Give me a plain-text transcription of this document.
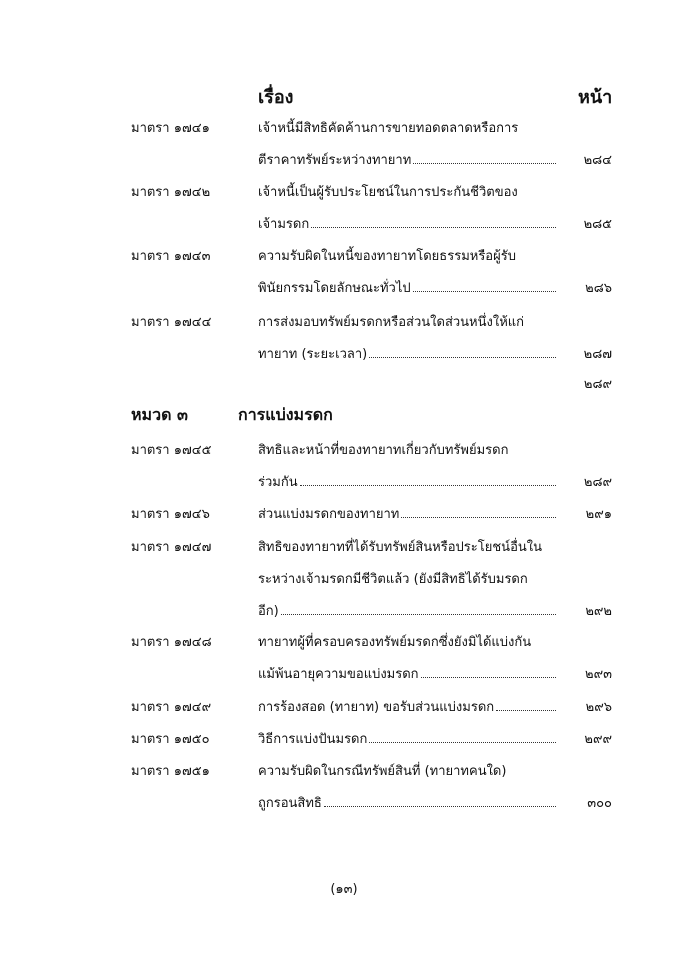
เรื่อง	หน้า
มาตรา ๑๗๔๑	เจ้าหนี้มีสิทธิคัดค้านการขายทอดตลาดหรือการ
ตีราคาทรัพย์ระหว่างทายาท	๒๘๔
มาตรา ๑๗๔๒	เจ้าหนี้เป็นผู้รับประโยชน์ในการประกันชีวิตของ
เจ้ามรดก	๒๘๕
มาตรา ๑๗๔๓	ความรับผิดในหนี้ของทายาทโดยธรรมหรือผู้รับ
พินัยกรรมโดยลักษณะทั่วไป	๒๘๖
มาตรา ๑๗๔๔	การส่งมอบทรัพย์มรดกหรือส่วนใดส่วนหนึ่งให้แก่
ทายาท (ระยะเวลา)	๒๘๗
๒๘๙
หมวด ๓	การแบ่งมรดก
มาตรา ๑๗๔๕	สิทธิและหน้าที่ของทายาทเกี่ยวกับทรัพย์มรดก
ร่วมกัน	๒๘๙
มาตรา ๑๗๔๖	ส่วนแบ่งมรดกของทายาท	๒๙๑
มาตรา ๑๗๔๗	สิทธิของทายาทที่ได้รับทรัพย์สินหรือประโยชน์อื่นใน
ระหว่างเจ้ามรดกมีชีวิตแล้ว (ยังมีสิทธิได้รับมรดก
อีก)	๒๙๒
มาตรา ๑๗๔๘	ทายาทผู้ที่ครอบครองทรัพย์มรดกซึ่งยังมิได้แบ่งกัน
แม้พ้นอายุความขอแบ่งมรดก	๒๙๓
มาตรา ๑๗๔๙	การร้องสอด (ทายาท) ขอรับส่วนแบ่งมรดก	๒๙๖
มาตรา ๑๗๕๐	วิธีการแบ่งปันมรดก	๒๙๙
มาตรา ๑๗๕๑	ความรับผิดในกรณีทรัพย์สินที่ (ทายาทคนใด)
ถูกรอนสิทธิ	๓๐๐
(๑๓)
